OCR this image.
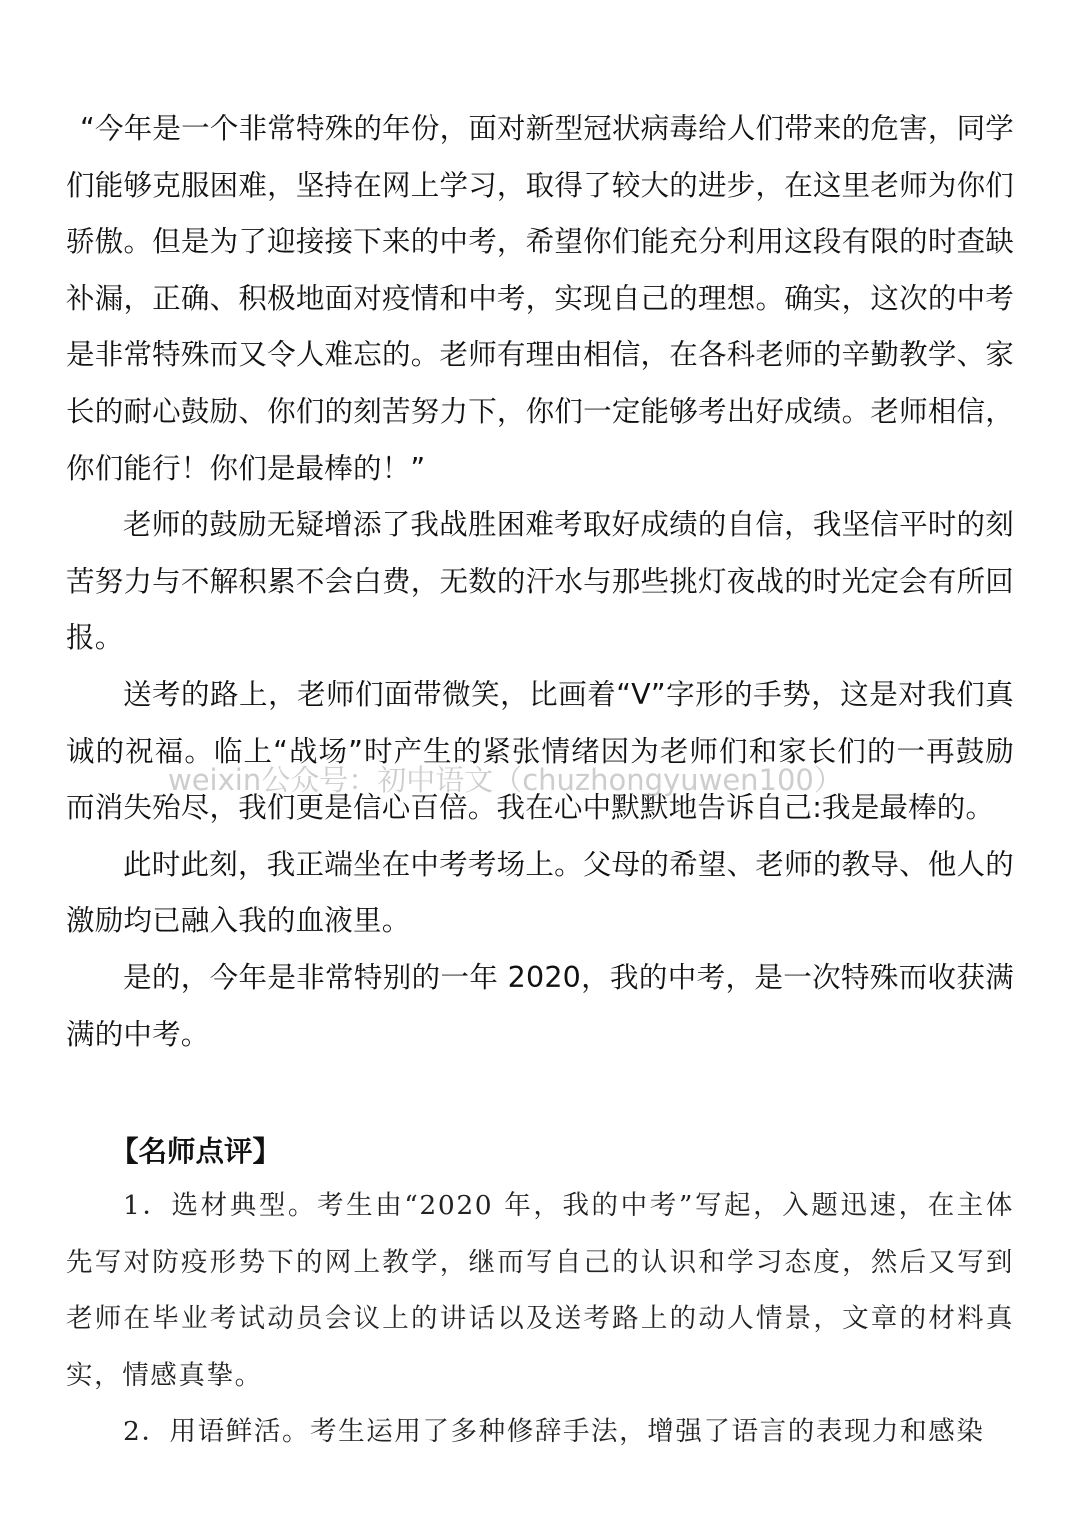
“今年是一个非常特殊的年份，面对新型冠状病毒给人们带来的危害，同学们能够克服困难，坚持在网上学习，取得了较大的进步，在这里老师为你们骄傲。但是为了迎接接下来的中考，希望你们能充分利用这段有限的时查缺补漏，正确、积极地面对疫情和中考，实现自己的理想。确实，这次的中考是非常特殊而又令人难忘的。老师有理由相信，在各科老师的辛勤教学、家长的耐心鼓励、你们的刻苦努力下，你们一定能够考出好成绩。老师相信，你们能行！你们是最棒的！”

老师的鼓励无疑增添了我战胜困难考取好成绩的自信，我坚信平时的刻苦努力与不解积累不会白费，无数的汗水与那些挑灯夜战的时光定会有所回报。

送考的路上，老师们面带微笑，比画着“V”字形的手势，这是对我们真诚的祝福。临上“战场”时产生的紧张情绪因为老师们和家长们的一再鼓励而消失殆尽，我们更是信心百倍。我在心中默默地告诉自己:我是最棒的。

此时此刻，我正端坐在中考考场上。父母的希望、老师的教导、他人的激励均已融入我的血液里。

是的，今年是非常特别的一年 2020，我的中考，是一次特殊而收获满满的中考。

【名师点评】

1．选材典型。考生由“2020 年，我的中考”写起，入题迅速，在主体先写对防疫形势下的网上教学，继而写自己的认识和学习态度，然后又写到老师在毕业考试动员会议上的讲话以及送考路上的动人情景，文章的材料真实，情感真挚。

2．用语鲜活。考生运用了多种修辞手法，增强了语言的表现力和感染

weixin公众号：初中语文（chuzhongyuwen100）
